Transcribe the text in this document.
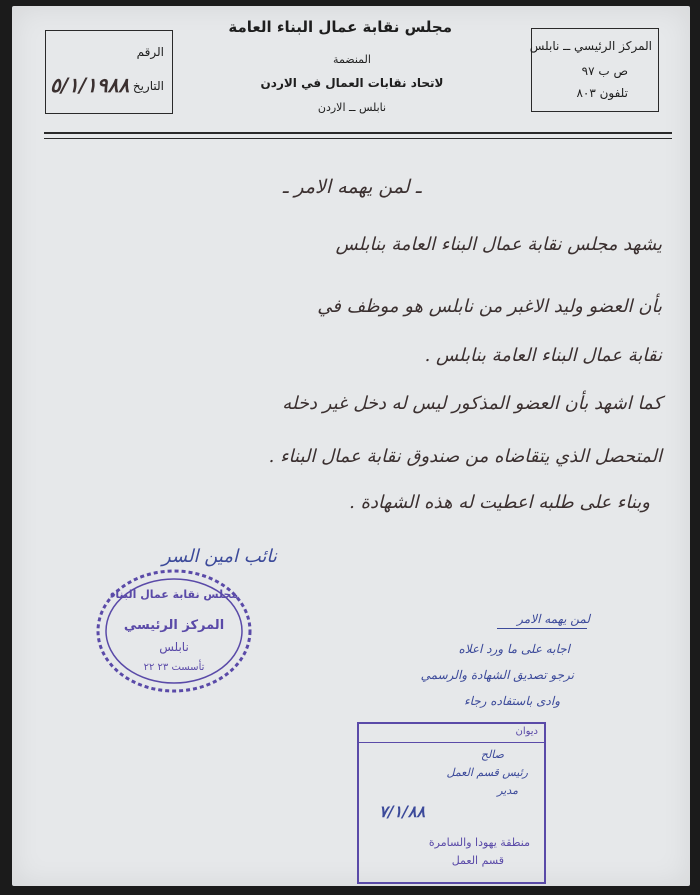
الرقم
التاريخ
٥/١/١٩٨٨
مجلس نقابة عمال البناء العامة
المنضمة
لاتحاد نقابات العمال في الاردن
نابلس ــ الاردن
المركز الرئيسي ــ نابلس
ص ب ٩٧
تلفون ٨٠٣
ـ لمن يهمه الامر ـ
يشهد مجلس نقابة عمال البناء العامة بنابلس
بأن العضو وليد الاغبر من نابلس هو موظف في
نقابة عمال البناء العامة بنابلس .
كما اشهد بأن العضو المذكور ليس له دخل غير دخله
المتحصل الذي يتقاضاه من صندوق نقابة عمال البناء .
وبناء على طلبه اعطيت له هذه الشهادة .
نائب امين السر
مجلس نقابة عمال البناء
المركز الرئيسي
نابلس
تأسست ٢٣ ٢٢
لمن يهمه الامر
اجابه على ما ورد اعلاه
نرجو تصديق الشهادة والرسمي
وادى باستفاده رجاء
ديوان
صالح
رئيس قسم العمل
مدير
٧/١/٨٨
منطقة يهودا والسامرة
قسم العمل
